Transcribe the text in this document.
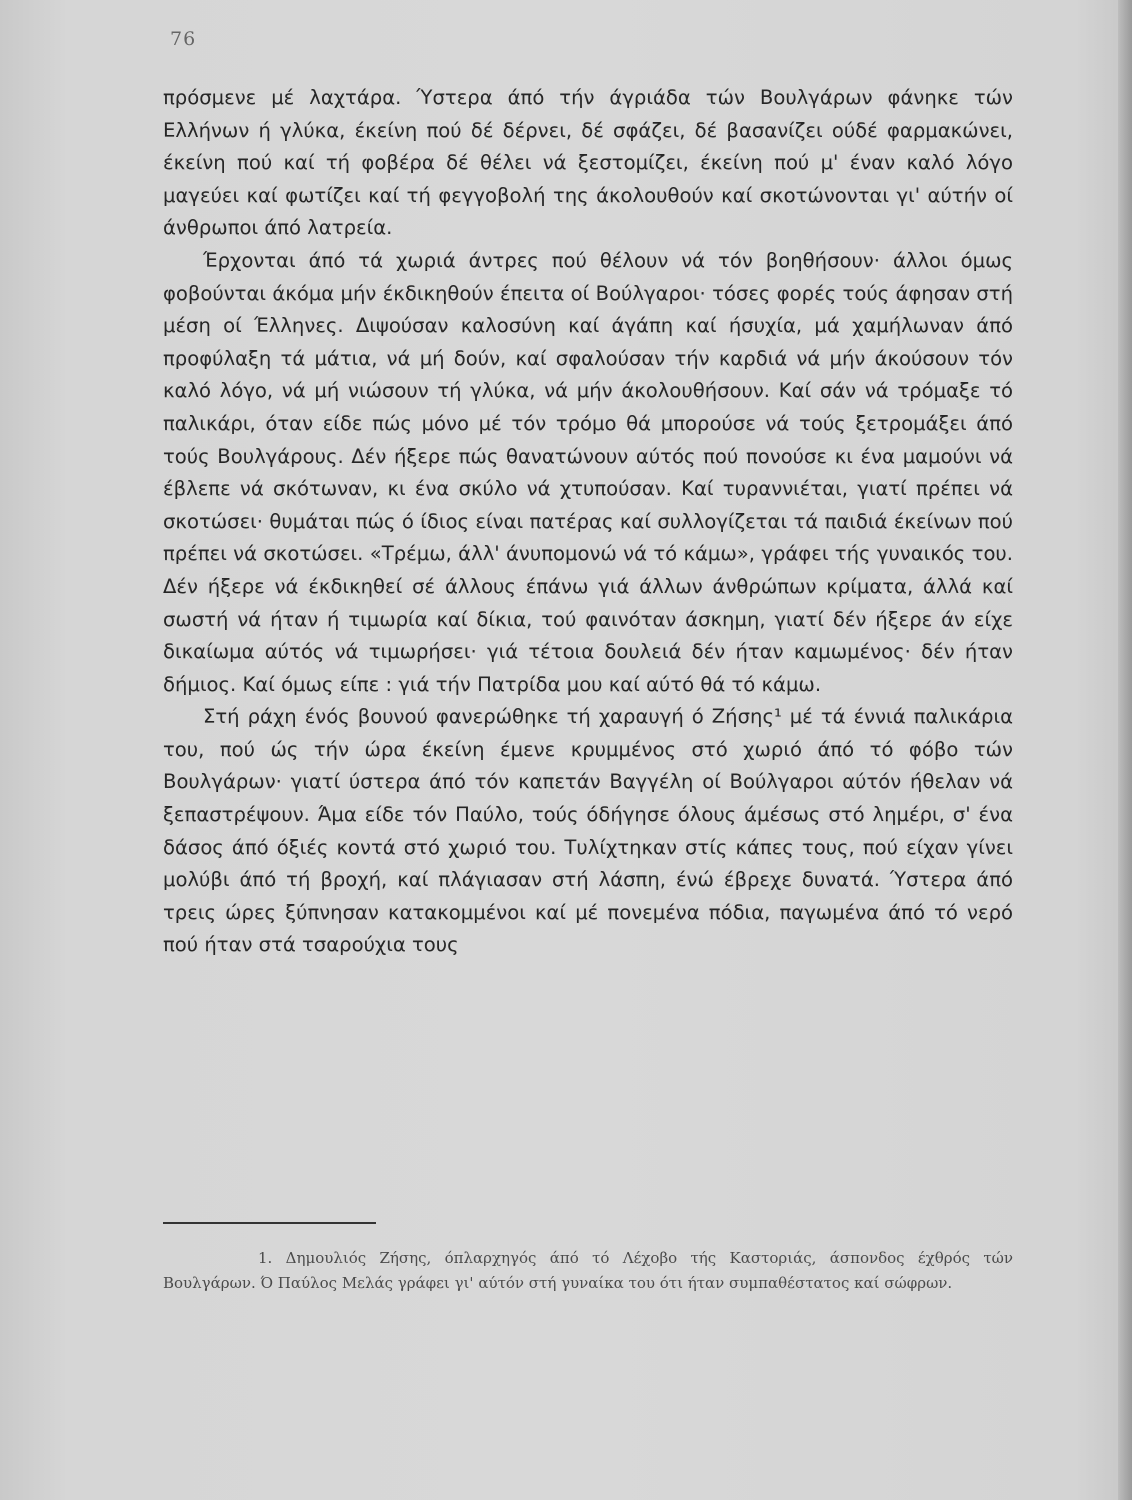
76

πρόσμενε μέ λαχτάρα. Ύστερα άπό τήν άγριάδα τών Βουλγάρων φάνηκε τών Ελλήνων ή γλύκα, έκείνη πού δέ δέρνει, δέ σφάζει, δέ βασανίζει ούδέ φαρμακώνει, έκείνη πού καί τή φοβέρα δέ θέλει νά ξεστομίζει, έκείνη πού μ' έναν καλό λόγο μαγεύει καί φωτίζει καί τή φεγγοβολή της άκολουθούν καί σκοτώνονται γι' αύτήν οί άνθρωποι άπό λατρεία.

Έρχονται άπό τά χωριά άντρες πού θέλουν νά τόν βοηθήσουν· άλλοι όμως φοβούνται άκόμα μήν έκδικηθούν έπειτα οί Βούλγαροι· τόσες φορές τούς άφησαν στή μέση οί Έλληνες. Διψούσαν καλοσύνη καί άγάπη καί ήσυχία, μά χαμήλωναν άπό προφύλαξη τά μάτια, νά μή δούν, καί σφαλούσαν τήν καρδιά νά μήν άκούσουν τόν καλό λόγο, νά μή νιώσουν τή γλύκα, νά μήν άκολουθήσουν. Καί σάν νά τρόμαξε τό παλικάρι, όταν είδε πώς μόνο μέ τόν τρόμο θά μπορούσε νά τούς ξετρομάξει άπό τούς Βουλγάρους. Δέν ήξερε πώς θανατώνουν αύτός πού πονούσε κι ένα μαμούνι νά έβλεπε νά σκότωναν, κι ένα σκύλο νά χτυπούσαν. Καί τυραννιέται, γιατί πρέπει νά σκοτώσει· θυμάται πώς ό ίδιος είναι πατέρας καί συλλογίζεται τά παιδιά έκείνων πού πρέπει νά σκοτώσει. «Τρέμω, άλλ' άνυπομονώ νά τό κάμω», γράφει τής γυναικός του. Δέν ήξερε νά έκδικηθεί σέ άλλους έπάνω γιά άλλων άνθρώπων κρίματα, άλλά καί σωστή νά ήταν ή τιμωρία καί δίκια, τού φαινόταν άσκημη, γιατί δέν ήξερε άν είχε δικαίωμα αύτός νά τιμωρήσει· γιά τέτοια δουλειά δέν ήταν καμωμένος· δέν ήταν δήμιος. Καί όμως είπε : γιά τήν Πατρίδα μου καί αύτό θά τό κάμω.

Στή ράχη ένός βουνού φανερώθηκε τή χαραυγή ό Ζήσης¹ μέ τά έννιά παλικάρια του, πού ώς τήν ώρα έκείνη έμενε κρυμμένος στό χωριό άπό τό φόβο τών Βουλγάρων· γιατί ύστερα άπό τόν καπετάν Βαγγέλη οί Βούλγαροι αύτόν ήθελαν νά ξεπαστρέψουν. Άμα είδε τόν Παύλο, τούς όδήγησε όλους άμέσως στό λημέρι, σ' ένα δάσος άπό όξιές κοντά στό χωριό του. Τυλίχτηκαν στίς κάπες τους, πού είχαν γίνει μολύβι άπό τή βροχή, καί πλάγιασαν στή λάσπη, ένώ έβρεχε δυνατά. Ύστερα άπό τρεις ώρες ξύπνησαν κατακομμένοι καί μέ πονεμένα πόδια, παγωμένα άπό τό νερό πού ήταν στά τσαρούχια τους

1. Δημουλιός Ζήσης, όπλαρχηγός άπό τό Λέχοβο τής Καστοριάς, άσπονδος έχθρός τών Βουλγάρων. Ό Παύλος Μελάς γράφει γι' αύτόν στή γυναίκα του ότι ήταν συμπαθέστατος καί σώφρων.
